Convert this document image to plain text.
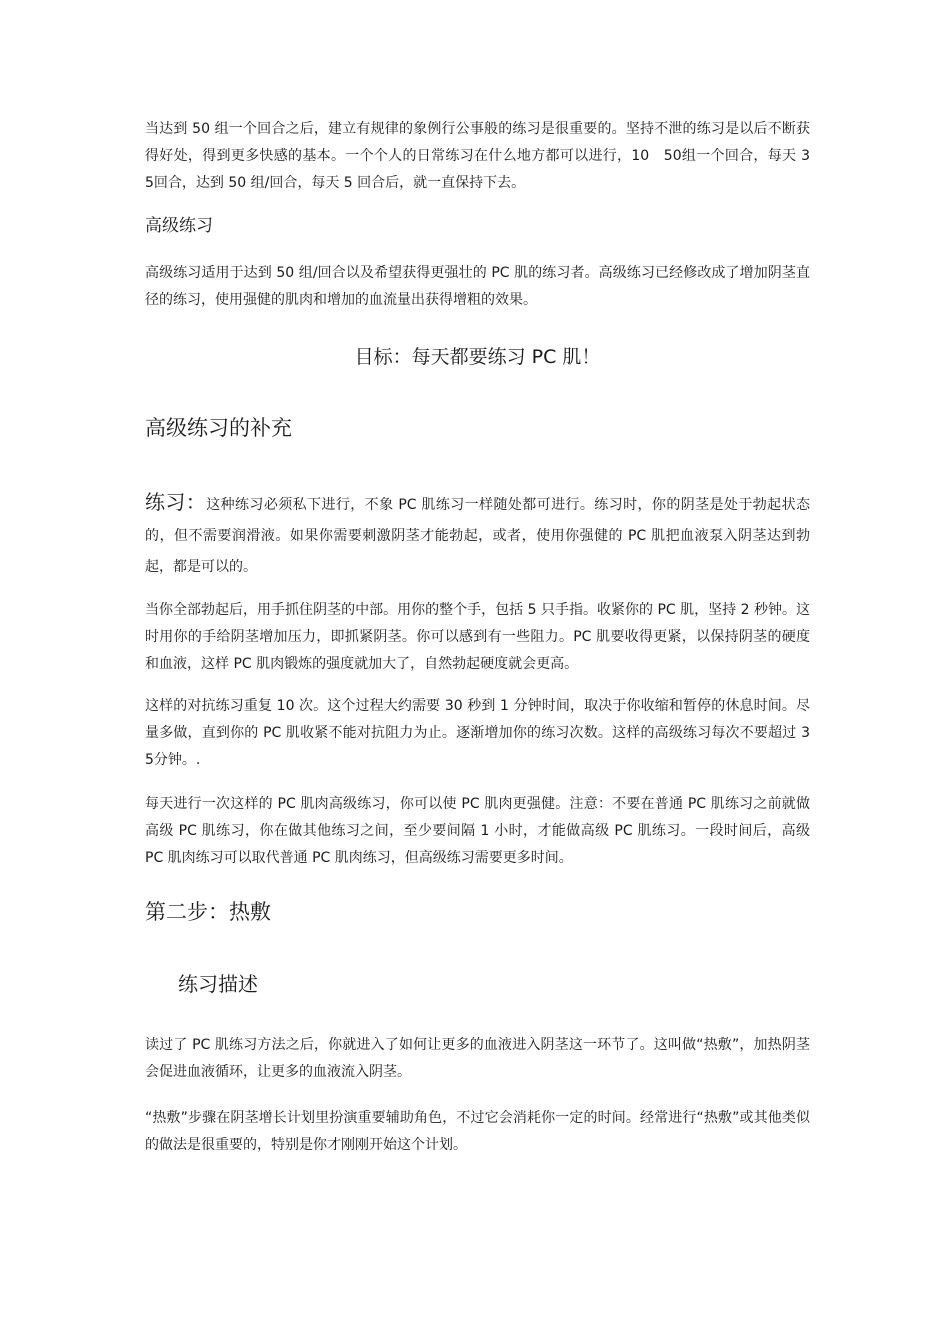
当达到 50 组一个回合之后，建立有规律的象例行公事般的练习是很重要的。坚持不泄的练习是以后不断获得好处，得到更多快感的基本。一个个人的日常练习在什么地方都可以进行，10　50组一个回合，每天 3　5回合，达到 50 组/回合，每天 5 回合后，就一直保持下去。

高级练习

高级练习适用于达到 50 组/回合以及希望获得更强壮的 PC 肌的练习者。高级练习已经修改成了增加阴茎直径的练习，使用强健的肌肉和增加的血流量出获得增粗的效果。

目标：每天都要练习 PC 肌！
高级练习的补充

练习：这种练习必须私下进行，不象 PC 肌练习一样随处都可进行。练习时，你的阴茎是处于勃起状态的，但不需要润滑液。如果你需要刺激阴茎才能勃起，或者，使用你强健的 PC 肌把血液泵入阴茎达到勃起，都是可以的。

当你全部勃起后，用手抓住阴茎的中部。用你的整个手，包括 5 只手指。收紧你的 PC 肌，坚持 2 秒钟。这时用你的手给阴茎增加压力，即抓紧阴茎。你可以感到有一些阻力。PC 肌要收得更紧，以保持阴茎的硬度和血液，这样 PC 肌肉锻炼的强度就加大了，自然勃起硬度就会更高。

这样的对抗练习重复 10 次。这个过程大约需要 30 秒到 1 分钟时间，取决于你收缩和暂停的休息时间。尽量多做，直到你的 PC 肌收紧不能对抗阻力为止。逐渐增加你的练习次数。这样的高级练习每次不要超过 3　5分钟。.

每天进行一次这样的 PC 肌肉高级练习，你可以使 PC 肌肉更强健。注意：不要在普通 PC 肌练习之前就做高级 PC 肌练习，你在做其他练习之间，至少要间隔 1 小时，才能做高级 PC 肌练习。一段时间后，高级 PC 肌肉练习可以取代普通 PC 肌肉练习，但高级练习需要更多时间。

第二步：热敷
练习描述

读过了 PC 肌练习方法之后，你就进入了如何让更多的血液进入阴茎这一环节了。这叫做“热敷”，加热阴茎会促进血液循环，让更多的血液流入阴茎。

“热敷”步骤在阴茎增长计划里扮演重要辅助角色，不过它会消耗你一定的时间。经常进行“热敷”或其他类似的做法是很重要的，特别是你才刚刚开始这个计划。
